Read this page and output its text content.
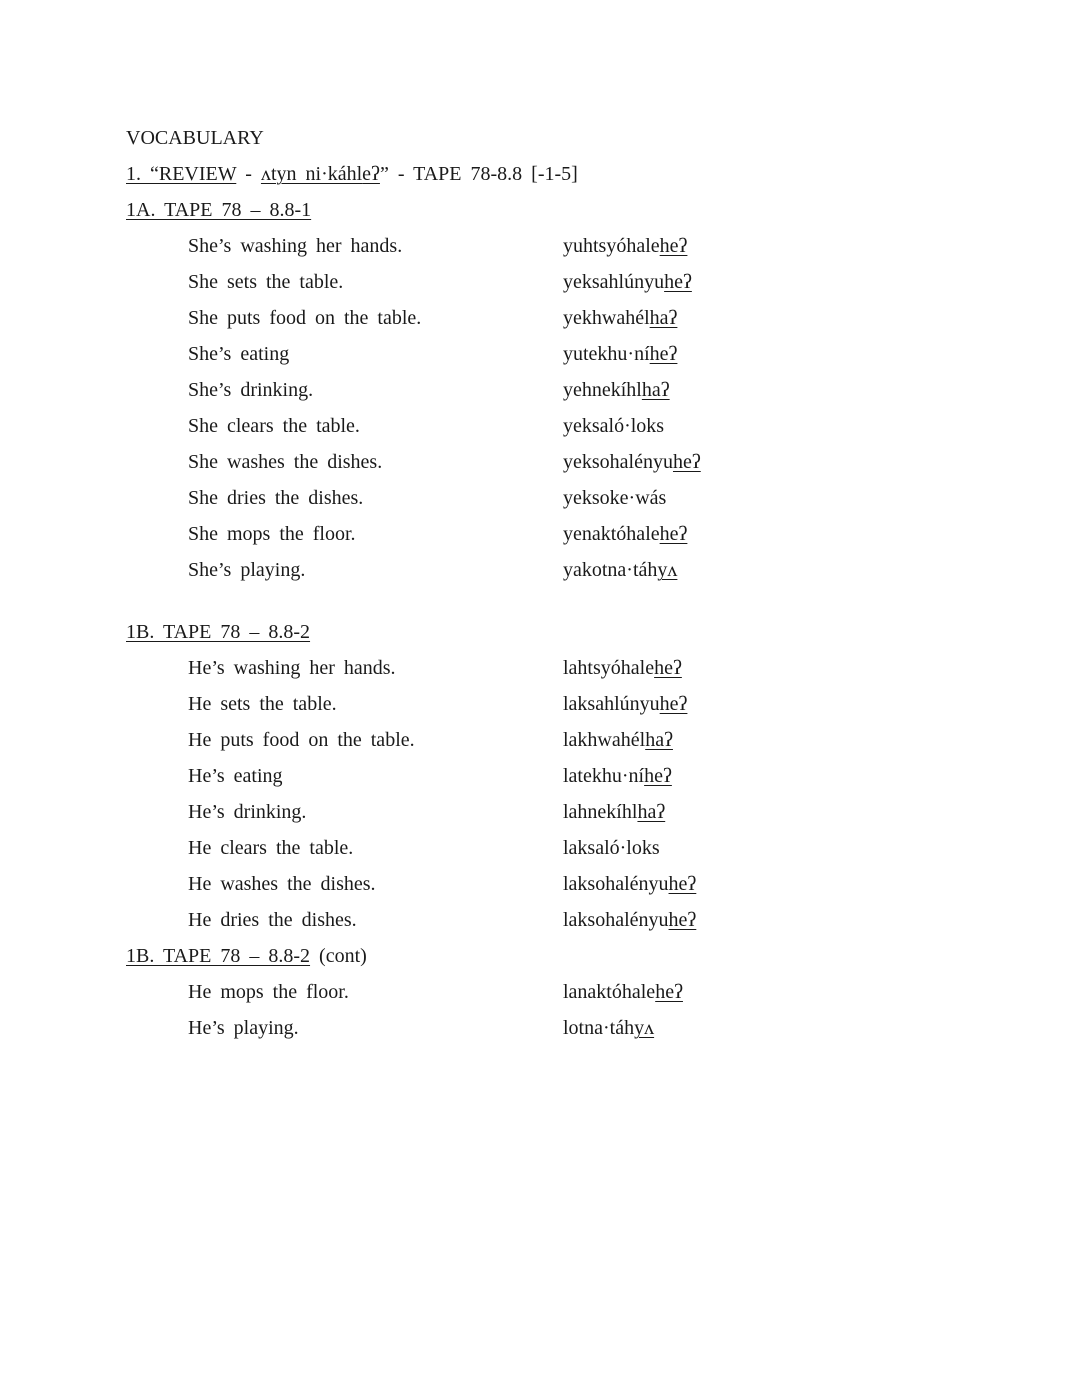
VOCABULARY
1. “REVIEW - ʌtyn ni·káhleʔ” - TAPE 78-8.8 [-1-5]
1A. TAPE 78 – 8.8-1
She’s washing her hands.	yuhtsyóhaleheʔ
She sets the table.	yeksahlúnyuheʔ
She puts food on the table.	yekhwahélhaʔ
She’s eating	yutekhu·níheʔ
She’s drinking.	yehnekíhlhaʔ
She clears the table.	yeksaló·loks
She washes the dishes.	yeksohalényuheʔ
She dries the dishes.	yeksoke·wás
She mops the floor.	yenaktóhaleheʔ
She’s playing.	yakotna·táhyʌ
1B. TAPE 78 – 8.8-2
He’s washing her hands.	lahtsyóhaleheʔ
He sets the table.	laksahlúnyuheʔ
He puts food on the table.	lakhwahélhaʔ
He’s eating	latekhu·níheʔ
He’s drinking.	lahnekíhlhaʔ
He clears the table.	laksaló·loks
He washes the dishes.	laksohalényuheʔ
He dries the dishes.	laksohalényuheʔ
1B. TAPE 78 – 8.8-2 (cont)
He mops the floor.	lanaktóhaleheʔ
He’s playing.	lotna·táhyʌ
